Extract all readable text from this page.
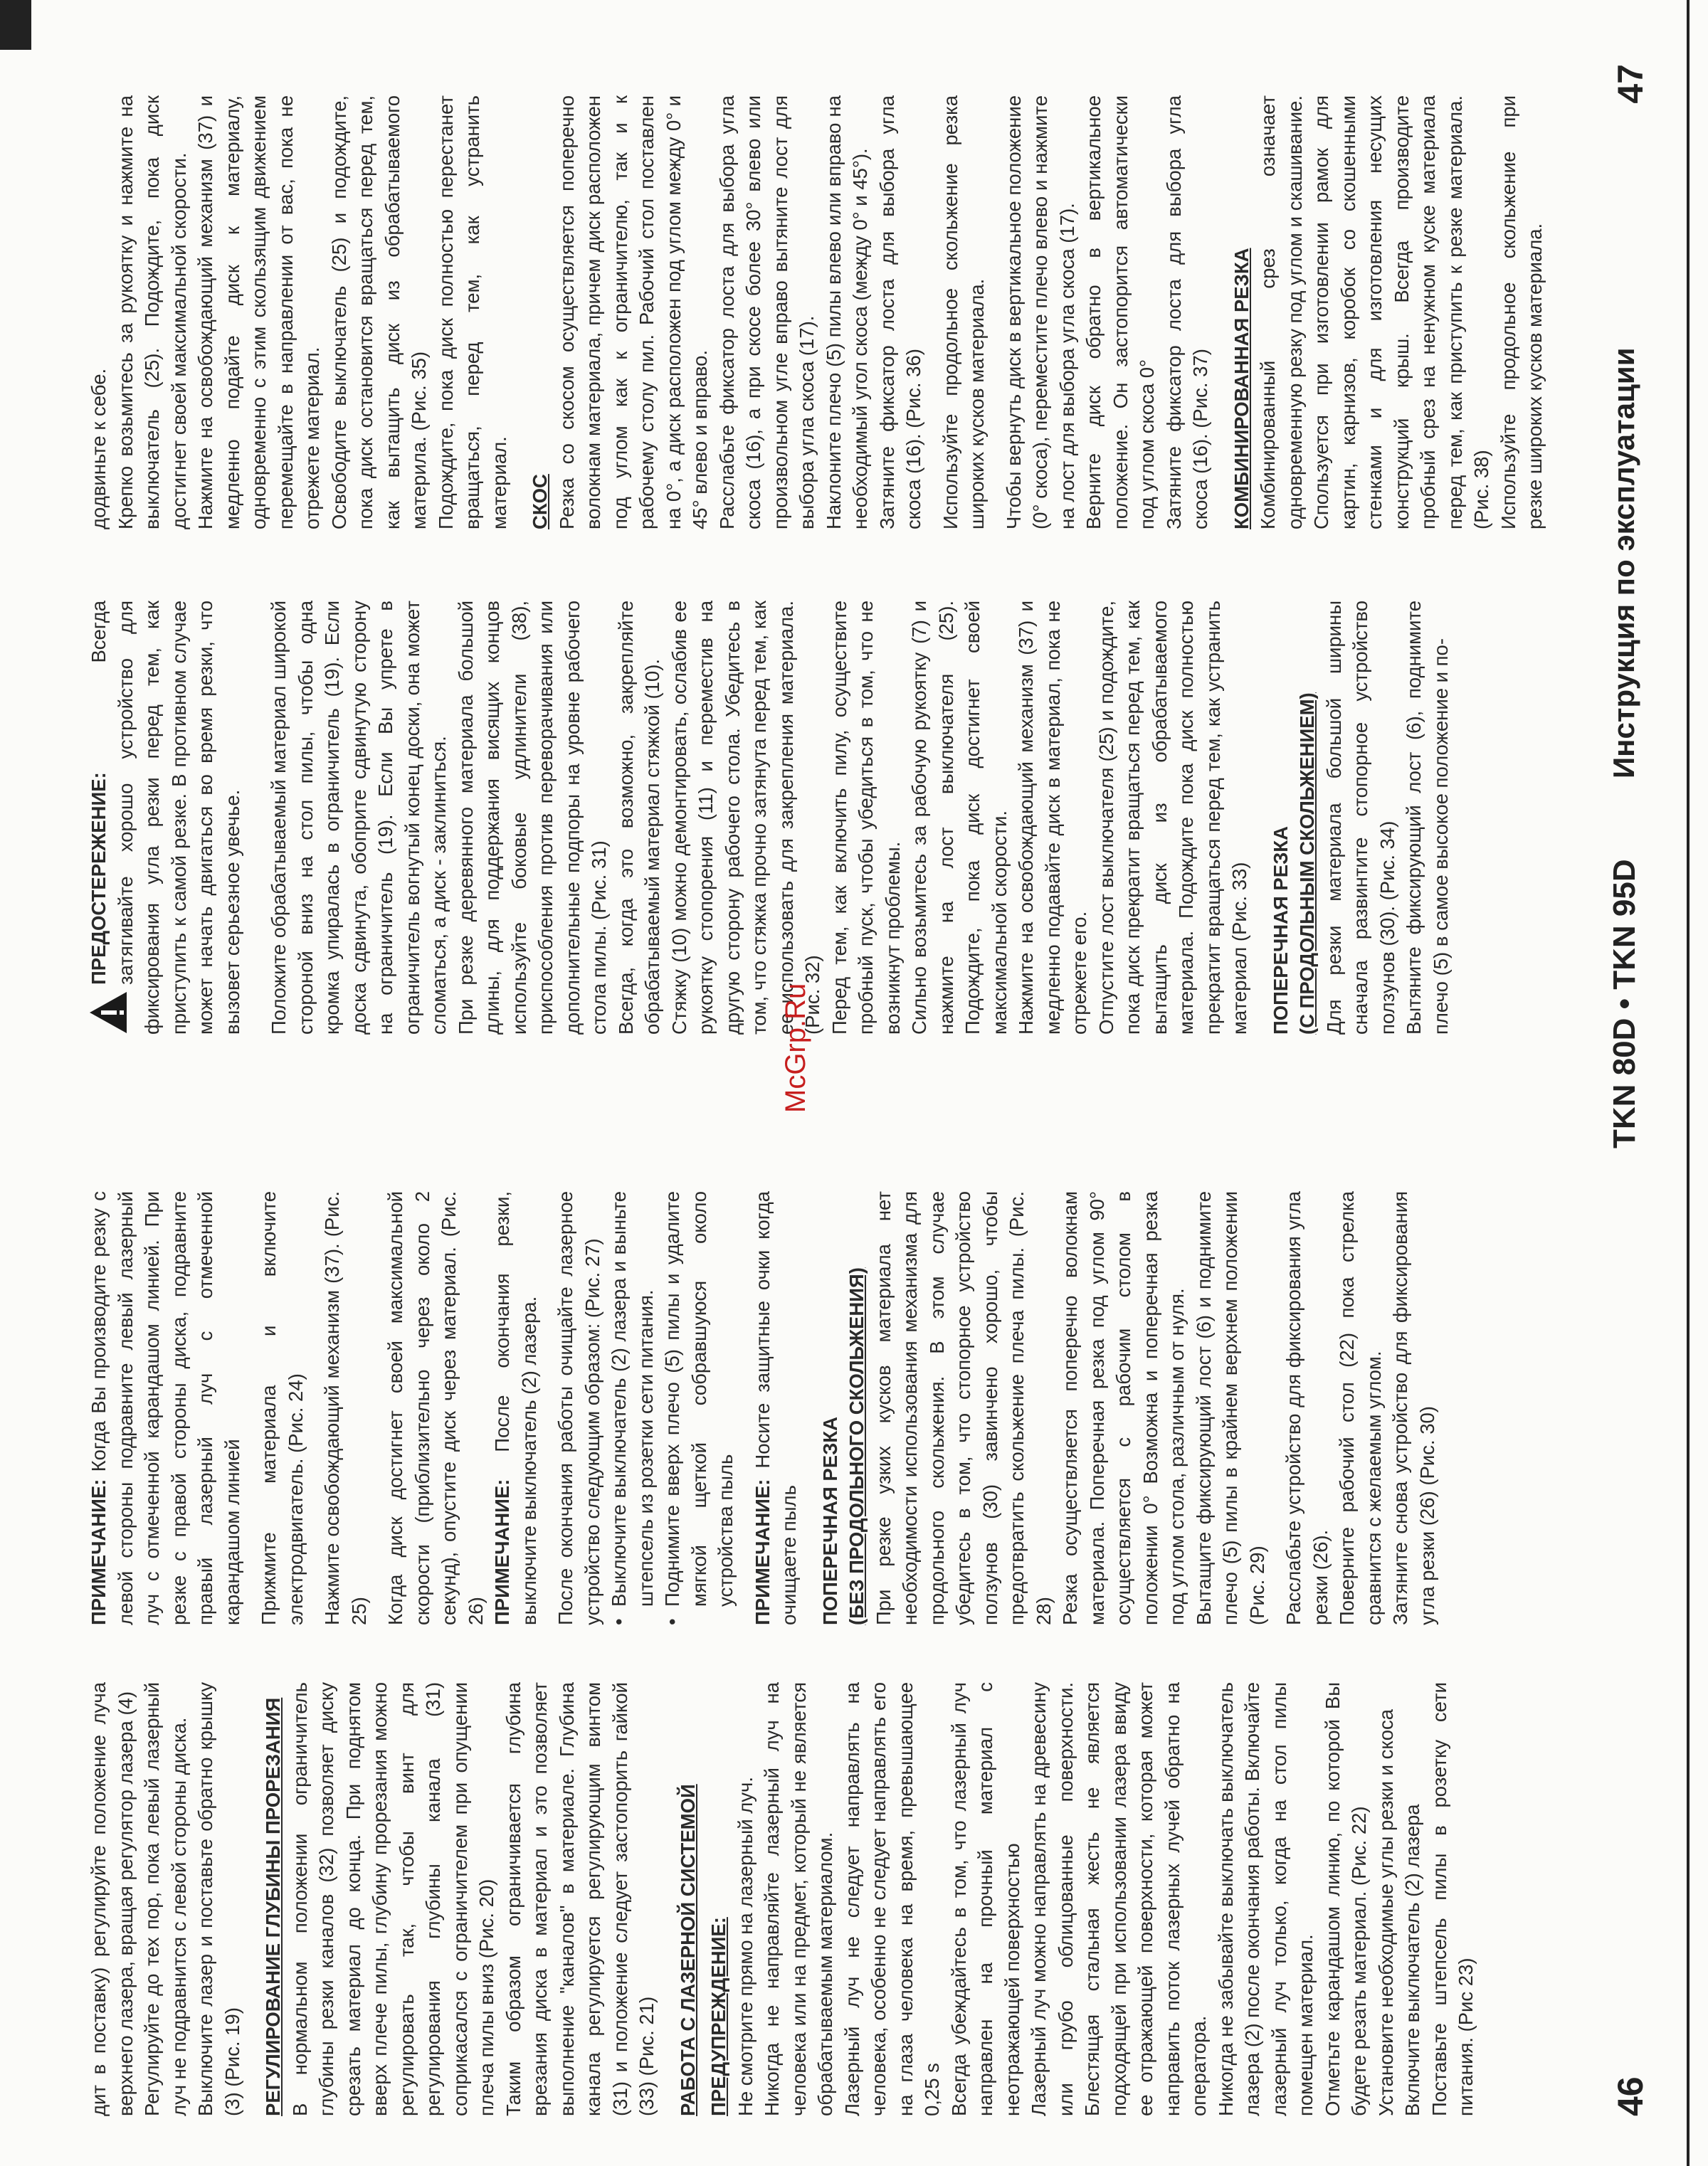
дит в поставку) регулируйте положение луча верхнего лазера, вращая регулятор лазера (4) Регулируйте до тех пор, пока левый лазерный луч не подравнится с левой стороны диска. Выключите лазер и поставьте обратно крышку (3) (Рис. 19) РЕГУЛИРОВАНИЕ ГЛУБИНЫ ПРОРЕЗАНИЯ В нормальном положении ограничитель глубины резки каналов (32) позволяет диску срезать материал до конца. При поднятом вверх плече пилы, глубину прорезания можно регулировать так, чтобы винт для регулирования глубины канала (31) соприкасался с ограничителем при опущении плеча пилы вниз (Рис. 20) Таким образом ограничивается глубина врезания диска в материал и это позволяет выполнение "каналов" в материале. Глубина канала регулируется регулирующим винтом (31) и положение следует застопорить гайкой (33) (Рис. 21) РАБОТА С ЛАЗЕРНОЙ СИСТЕМОЙ ПРЕДУПРЕЖДЕНИЕ: Не смотрите прямо на лазерный луч. Никогда не направляйте лазерный луч на человека или на предмет, который не является обрабатываемым материалом. Лазерный луч не следует направлять на человека, особенно не следует направлять его на глаза человека на время, превышающее 0,25 s Всегда убеждайтесь в том, что лазерный луч направлен на прочный материал с неотражающей поверхностью Лазерный луч можно направлять на древесину или грубо облицованные поверхности. Блестящая стальная жесть не является подходящей при использовании лазера ввиду ее отражающей поверхности, которая может направить поток лазерных лучей обратно на оператора. Никогда не забывайте выключать выключатель лазера (2) после окончания работы. Включайте лазерный луч только, когда на стол пилы помещен материал. Отметьте карандашом линию, по которой Вы будете резать материал. (Рис. 22) Установите необходимые углы резки и скоса Включите выключатель (2) лазера Поставьте штепсель пилы в розетку сети питания. (Рис 23)

ПРИМЕЧАНИЕ: Когда Вы производите резку с левой стороны подравните левый лазерный луч с отмеченной карандашом линией. При резке с правой стороны диска, подравните правый лазерный луч с отмеченной карандашом линией Прижмите материала и включите электродвигатель. (Рис. 24) Нажмите освобождающий механизм (37). (Рис. 25) Когда диск достигнет своей максимальной скорости (приблизительно через около 2 секунд), опустите диск через материал. (Рис. 26) ПРИМЕЧАНИЕ: После окончания резки, выключите выключатель (2) лазера. После окончания работы очищайте лазерное устройство следующим образом: (Рис. 27) •Выключите выключатель (2) лазера и выньте штепсель из розетки сети питания.

•Поднимите вверх плечо (5) пилы и удалите мягкой щеткой собравшуюся около устройства пыль ПРИМЕЧАНИЕ: Носите защитные очки когда очищаете пыль ПОПЕРЕЧНАЯ РЕЗКА (БЕЗ ПРОДОЛЬНОГО СКОЛЬЖЕНИЯ) При резке узких кусков материала нет необходимости использования механизма для продольного скольжения. В этом случае убедитесь в том, что стопорное устройство ползунов (30) завинчено хорошо, чтобы предотвратить скольжение плеча пилы. (Рис. 28) Резка осуществляется поперечно волокнам материала. Поперечная резка под углом 90° осуществляется с рабочим столом в положении 0° Возможна и поперечная резка под углом стола, различным от нуля. Вытащите фиксирующий лост (6) и поднимите плечо (5) пилы в крайнем верхнем положении (Рис. 29) Расслабьте устройство для фиксирования угла резки (26). Поверните рабочий стол (22) пока стрелка сравнится с желаемым углом. Затяните снова устройство для фиксирования угла резки (26) (Рис. 30)

ПРЕДОСТЕРЕЖЕНИЕ: Всегда затягивайте хорошо устройство для фиксирования угла резки перед тем, как приступить к самой резке. В противном случае может начать двигаться во время резки, что вызовет серьезное увечье. Положите обрабатываемый материал широкой стороной вниз на стол пилы, чтобы одна кромка упиралась в ограничитель (19). Если доска сдвинута, обоприте сдвинутую сторону на ограничитель (19). Если Вы упрете в ограничитель вогнутый конец доски, она может сломаться, а диск - заклиниться. При резке деревянного материала большой длины, для поддержания висящих концов используйте боковые удлинители (38), приспособления против переворачивания или дополнительные подпоры на уровне рабочего стола пилы. (Рис. 31) Всегда, когда это возможно, закрепляйте обрабатываемый материал стяжкой (10). Стяжку (10) можно демонтировать, ослабив ее рукоятку стопорения (11) и переместив на другую сторону рабочего стола. Убедитесь в том, что стяжка прочно затянута перед тем, как ее использовать для закрепления материала. (Рис. 32) Перед тем, как включить пилу, осуществите пробный пуск, чтобы убедиться в том, что не возникнут проблемы. Сильно возьмитесь за рабочую рукоятку (7) и нажмите на лост выключателя (25). Подождите, пока диск достигнет своей максимальной скорости. Нажмите на освобождающий механизм (37) и медленно подавайте диск в материал, пока не отрежете его. Отпустите лост выключателя (25) и подождите, пока диск прекратит вращаться перед тем, как вытащить диск из обрабатываемого материала. Подождите пока диск полностью прекратит вращаться перед тем, как устранить материал (Рис. 33) ПОПЕРЕЧНАЯ РЕЗКА (С ПРОДОЛЬНЫМ СКОЛЬЖЕНИЕМ) Для резки материала большой ширины сначала развинтите стопорное устройство ползунов (30). (Рис. 34) Вытяните фиксирующий лост (6), поднимите плечо (5) в самое высокое положение и по-

додвиньте к себе. Крепко возьмитесь за рукоятку и нажмите на выключатель (25). Подождите, пока диск достигнет своей максимальной скорости. Нажмите на освобождающий механизм (37) и медленно подайте диск к материалу, одновременно с этим скользящим движением перемещайте в направлении от вас, пока не отрежете материал. Освободите выключатель (25) и подождите, пока диск остановится вращаться перед тем, как вытащить диск из обрабатываемого материла. (Рис. 35) Подождите, пока диск полностью перестанет вращаться, перед тем, как устранить материал. СКОС Резка со скосом осуществляется поперечно волокнам материала, причем диск расположен под углом как к ограничителю, так и к рабочему столу пил. Рабочий стол поставлен на 0°, а диск расположен под углом между 0° и 45° влево и вправо. Расслабьте фиксатор лоста для выбора угла скоса (16), а при скосе более 30° влево или произвольном угле вправо вытяните лост для выбора угла скоса (17). Наклоните плечо (5) пилы влево или вправо на необходимый угол скоса (между 0° и 45°). Затяните фиксатор лоста для выбора угла скоса (16). (Рис. 36) Используйте продольное скольжение резка широких кусков материала. Чтобы вернуть диск в вертикальное положение (0° скоса), переместите плечо влево и нажмите на лост для выбора угла скоса (17). Верните диск обратно в вертикальное положение. Он застопорится автоматически под углом скоса 0° Затяните фиксатор лоста для выбора угла скоса (16). (Рис. 37) КОМБИНИРОВАННАЯ РЕЗКА Комбинированный срез означает одновременную резку под углом и скашивание. Спользуется при изготовлении рамок для картин, карнизов, коробок со скошенными стенками и для изготовления несущих конструкций крыш. Всегда производите пробный срез на ненужном куске материала перед тем, как приступить к резке материала. (Рис. 38) Используйте продольное скольжение при резке широких кусков материала.

McGrp.Ru
46
TKN 80D • TKN 95D
Инструкция по эксплуатации
47
